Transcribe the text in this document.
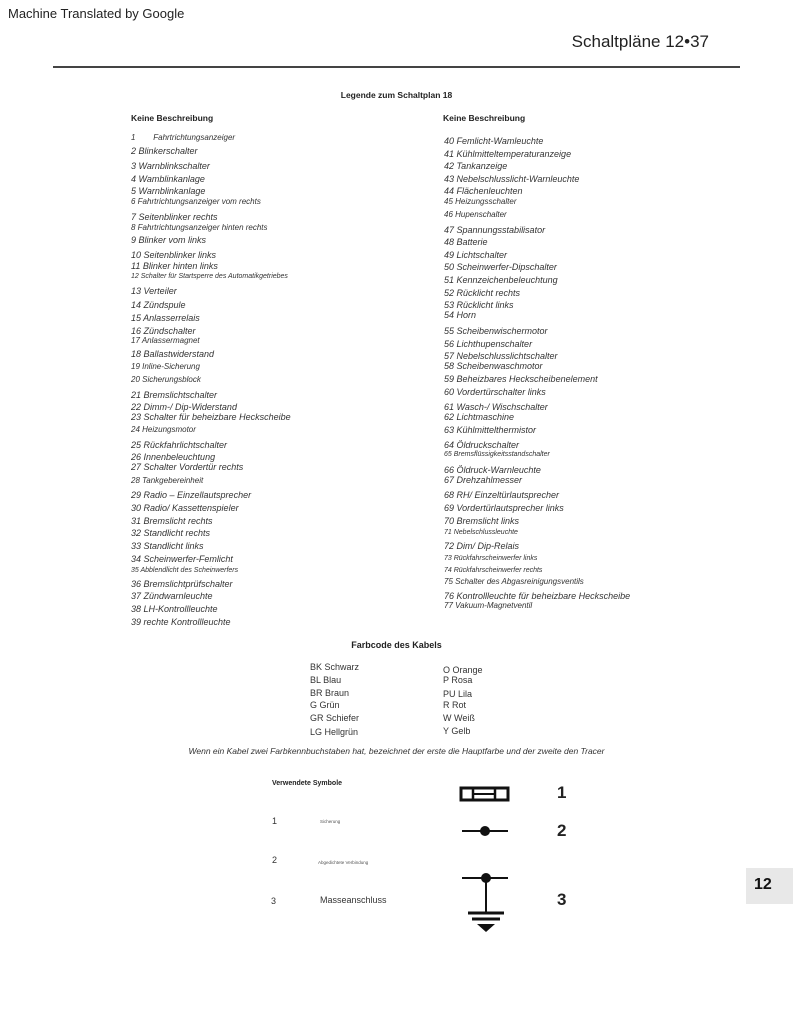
Machine Translated by Google
Schaltpläne 12•37
Legende zum Schaltplan 18
Keine Beschreibung	Keine Beschreibung
1        Fahrtrichtungsanzeiger
2 Blinkerschalter
3 Warnblinkschalter
4 Wamblinkanlage
5 Warnblinkanlage
6 Fahrtrichtungsanzeiger vom rechts
7 Seitenblinker rechts
8 Fahrtrichtungsanzeiger hinten rechts
9 Blinker vom links
10 Seitenblinker links
11 Blinker hinten links
12 Schalter für Startsperre des Automatikgetriebes
13 Verteiler
14 Zündspule
15 Anlasserrelais
16 Zündschalter
17 Anlassermagnet
18 Ballastwiderstand
19 Inline-Sicherung
20 Sicherungsblock
21 Bremslichtschalter
22 Dimm-/ Dip-Widerstand
23 Schalter für beheizbare Heckscheibe
24 Heizungsmotor
25 Rückfahrlichtschalter
26 Innenbeleuchtung
27 Schalter Vordertür rechts
28 Tankgebereinheit
29 Radio – Einzellautsprecher
30 Radio/ Kassettenspieler
31 Bremslicht rechts
32 Standlicht rechts
33 Standlicht links
34 Scheinwerfer-Femlicht
35 Abblendlicht des Scheinwerfers
36 Bremslichtprüfschalter
37 Zündwarnleuchte
38 LH-Kontrollleuchte
39 rechte Kontrollleuchte
40 Femlicht-Wamleuchte
41 Kühlmitteltemperaturanzeige
42 Tankanzeige
43 Nebelschlusslicht-Warnleuchte
44 Flächenleuchten
45 Heizungsschalter
46 Hupenschalter
47 Spannungsstabilisator
48 Batterie
49 Lichtschalter
50 Scheinwerfer-Dipschalter
51 Kennzeichenbeleuchtung
52 Rücklicht rechts
53 Rücklicht links
54 Horn
55 Scheibenwischermotor
56 Lichthupenschalter
57 Nebelschlusslichtschalter
58 Scheibenwaschmotor
59 Beheizbares Heckscheibenelement
60 Vordertürschalter links
61 Wasch-/ Wischschalter
62 Lichtmaschine
63 Kühlmittelthermistor
64 Öldruckschalter
65 Bremsflüssigkeitsstandschalter
66 Öldruck-Warnleuchte
67 Drehzahlmesser
68 RH/ Einzeltürlautsprecher
69 Vordertürlautsprecher links
70 Bremslicht links
71 Nebelschlussleuchte
72 Dim/ Dip-Relais
73 Rückfahrscheinwerfer links
74 Rückfahrscheinwerfer rechts
75 Schalter des Abgasreinigungsventils
76 Kontrollleuchte für beheizbare Heckscheibe
77 Vakuum-Magnetventil
Farbcode des Kabels
BK Schwarz
BL Blau
BR Braun
G Grün
GR Schiefer
LG Hellgrün
O Orange
P Rosa
PU Lila
R Rot
W Weiß
Y Gelb
Wenn ein Kabel zwei Farbkennbuchstaben hat, bezeichnet der erste die Hauptfarbe und der zweite den Tracer
Verwendete Symbole
1	Sicherung
2	Abgedichtete Verbindung
3	Masseanschluss
1
2
3
12
